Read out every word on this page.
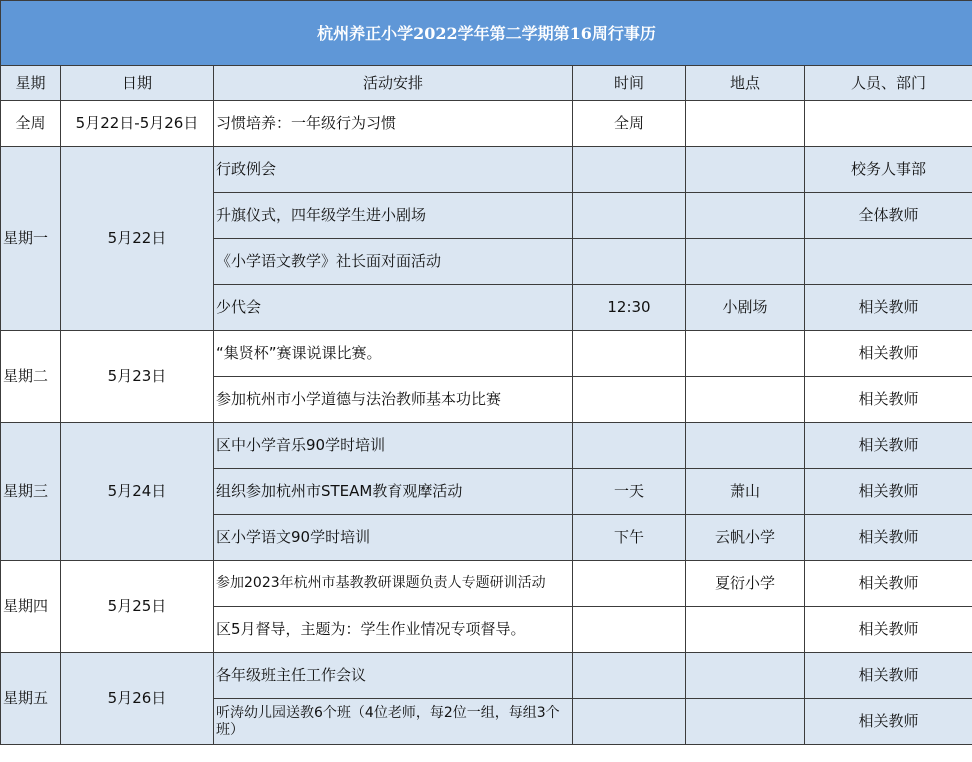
杭州养正小学2022学年第二学期第16周行事历					
星期	日期	活动安排	时间	地点	人员、部门
全周	5月22日-5月26日	习惯培养：一年级行为习惯	全周		
星期一	5月22日	行政例会			校务人事部
		升旗仪式，四年级学生进小剧场			全体教师
		《小学语文教学》社长面对面活动			
		少代会	12:30	小剧场	相关教师
星期二	5月23日	“集贤杯”赛课说课比赛。			相关教师
		参加杭州市小学道德与法治教师基本功比赛			相关教师
星期三	5月24日	区中小学音乐90学时培训			相关教师
		组织参加杭州市STEAM教育观摩活动	一天	萧山	相关教师
		区小学语文90学时培训	下午	云帆小学	相关教师
星期四	5月25日	参加2023年杭州市基教教研课题负责人专题研训活动		夏衍小学	相关教师
		区5月督导，主题为：学生作业情况专项督导。			相关教师
星期五	5月26日	各年级班主任工作会议			相关教师
		听涛幼儿园送教6个班（4位老师，每2位一组，每组3个班）			相关教师
